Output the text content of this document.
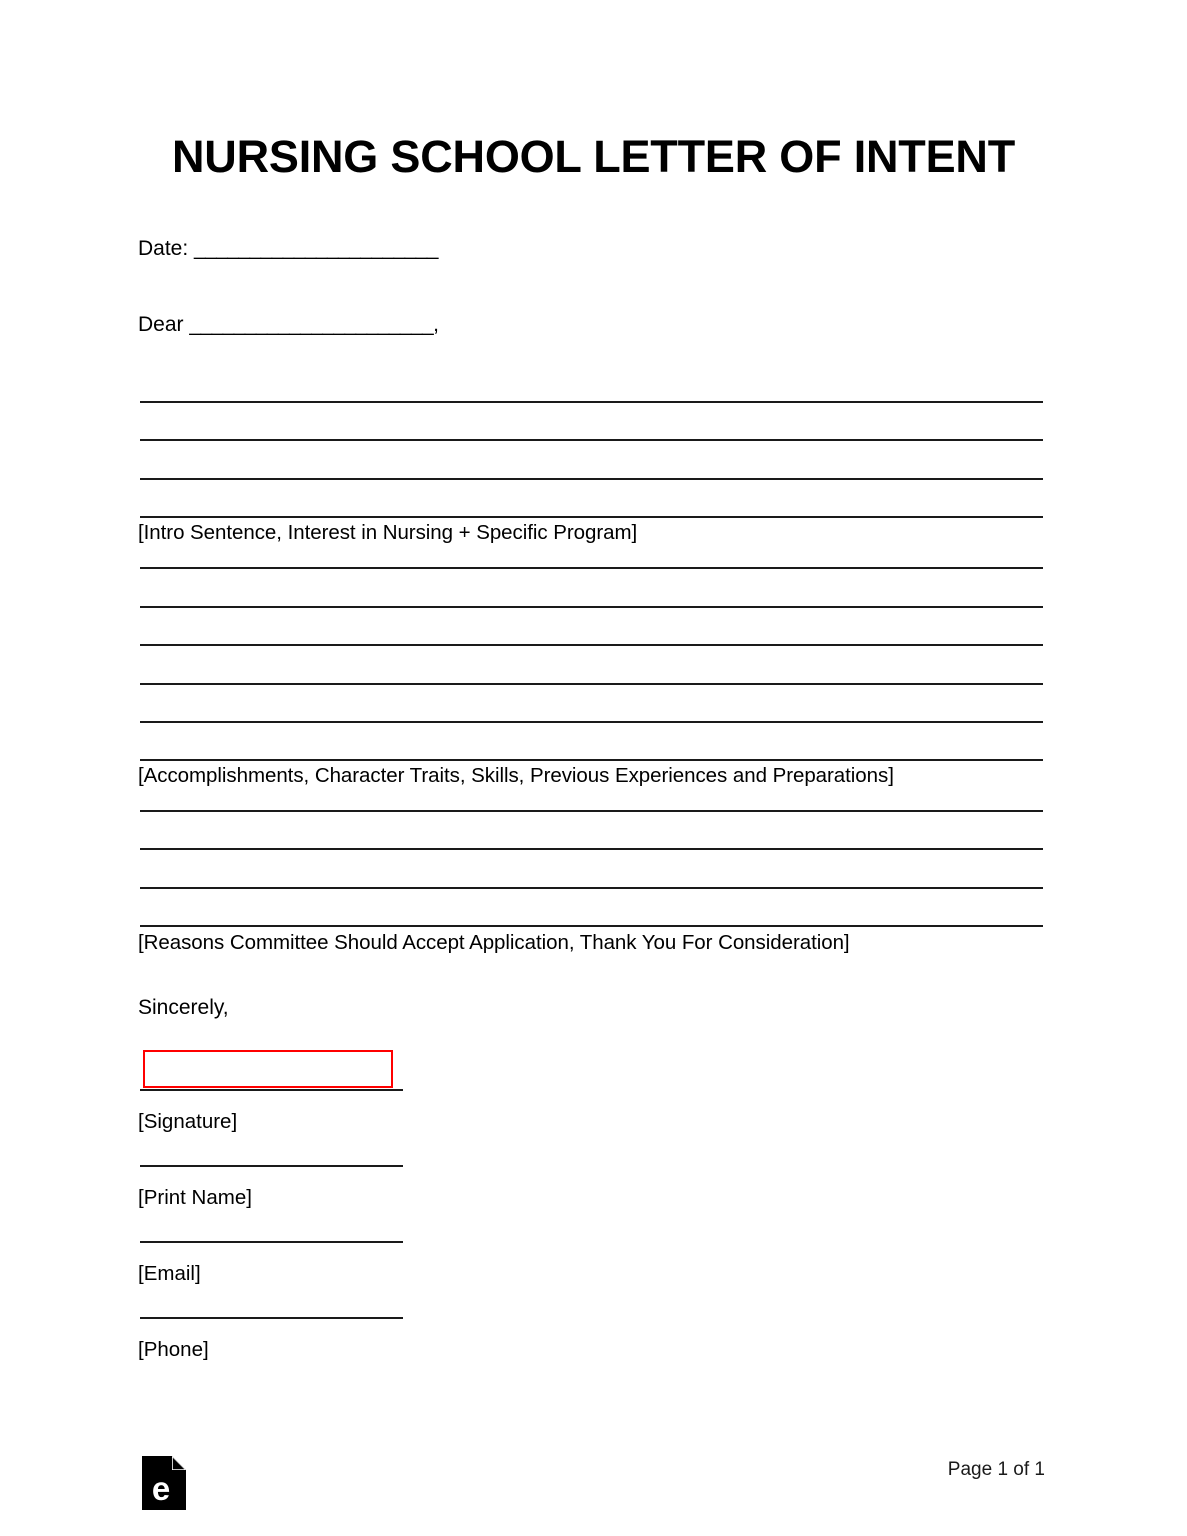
NURSING SCHOOL LETTER OF INTENT
Date: ______________________
Dear ______________________,
[Intro Sentence, Interest in Nursing + Specific Program]
[Accomplishments, Character Traits, Skills, Previous Experiences and Preparations]
[Reasons Committee Should Accept Application, Thank You For Consideration]
Sincerely,
[Signature]
[Print Name]
[Email]
[Phone]
e
Page 1 of 1
